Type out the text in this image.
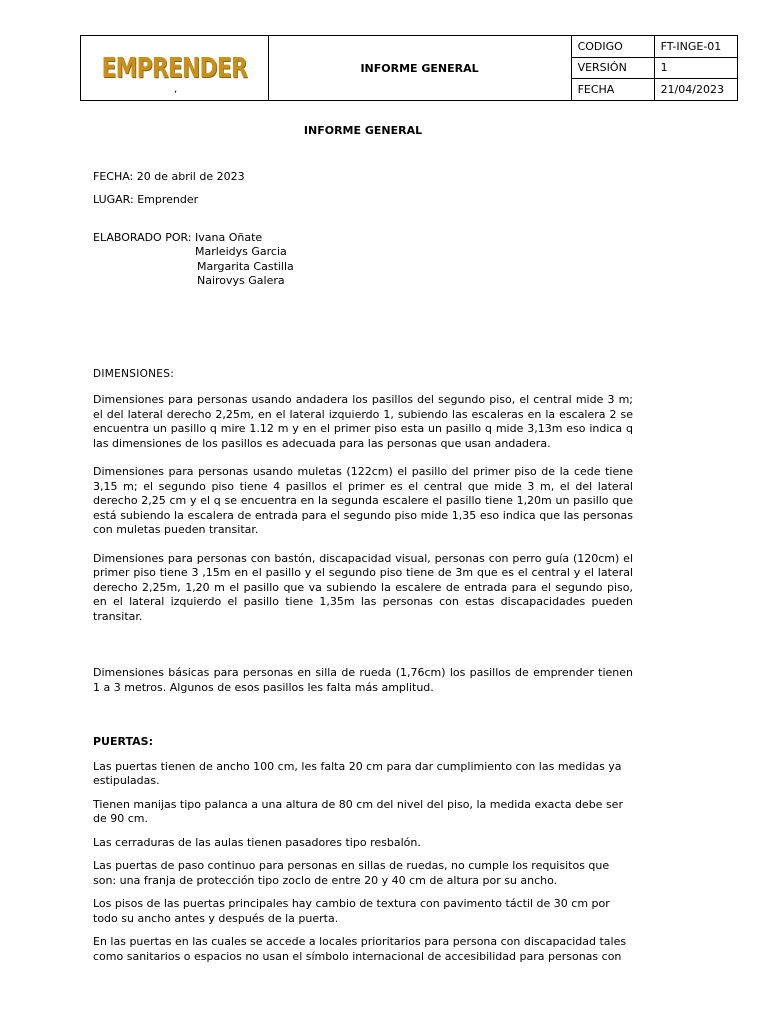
EMPRENDER	INFORME GENERAL	CODIGO	FT-INGE-01
		VERSIÓN	1
		FECHA	21/04/2023
,

INFORME GENERAL

FECHA: 20 de abril de 2023

LUGAR: Emprender

ELABORADO POR: Ivana Oñate
Marleidys Garcia
Margarita Castilla
Nairovys Galera

DIMENSIONES:

Dimensiones para personas usando andadera los pasillos del segundo piso, el central mide 3 m; el del lateral derecho 2,25m, en el lateral izquierdo 1, subiendo las escaleras en la escalera 2 se encuentra un pasillo q mire 1.12 m y en el primer piso esta un pasillo q mide 3,13m eso indica q las dimensiones de los pasillos es adecuada para las personas que usan andadera.

Dimensiones para personas usando muletas (122cm) el pasillo del primer piso de la cede tiene 3,15 m; el segundo piso tiene 4 pasillos el primer es el central que mide 3 m, el del lateral derecho 2,25 cm y el q se encuentra en la segunda escalere el pasillo tiene 1,20m un pasillo que está subiendo la escalera de entrada para el segundo piso mide 1,35 eso indica que las personas con muletas pueden transitar.

Dimensiones para personas con bastón, discapacidad visual, personas con perro guía (120cm) el primer piso tiene 3 ,15m en el pasillo y el segundo piso tiene de 3m que es el central y el lateral derecho 2,25m, 1,20 m el pasillo que va subiendo la escalere de entrada para el segundo piso, en el lateral izquierdo el pasillo tiene 1,35m las personas con estas discapacidades pueden transitar.

Dimensiones básicas para personas en silla de rueda (1,76cm) los pasillos de emprender tienen 1 a 3 metros. Algunos de esos pasillos les falta más amplitud.

PUERTAS:

Las puertas tienen de ancho 100 cm, les falta 20 cm para dar cumplimiento con las medidas ya estipuladas.

Tienen manijas tipo palanca a una altura de 80 cm del nivel del piso, la medida exacta debe ser de 90 cm.

Las cerraduras de las aulas tienen pasadores tipo resbalón.

Las puertas de paso continuo para personas en sillas de ruedas, no cumple los requisitos que son: una franja de protección tipo zoclo de entre 20 y 40 cm de altura por su ancho.

Los pisos de las puertas principales hay cambio de textura con pavimento táctil de 30 cm por todo su ancho antes y después de la puerta.

En las puertas en las cuales se accede a locales prioritarios para persona con discapacidad tales como sanitarios o espacios no usan el símbolo internacional de accesibilidad para personas con
